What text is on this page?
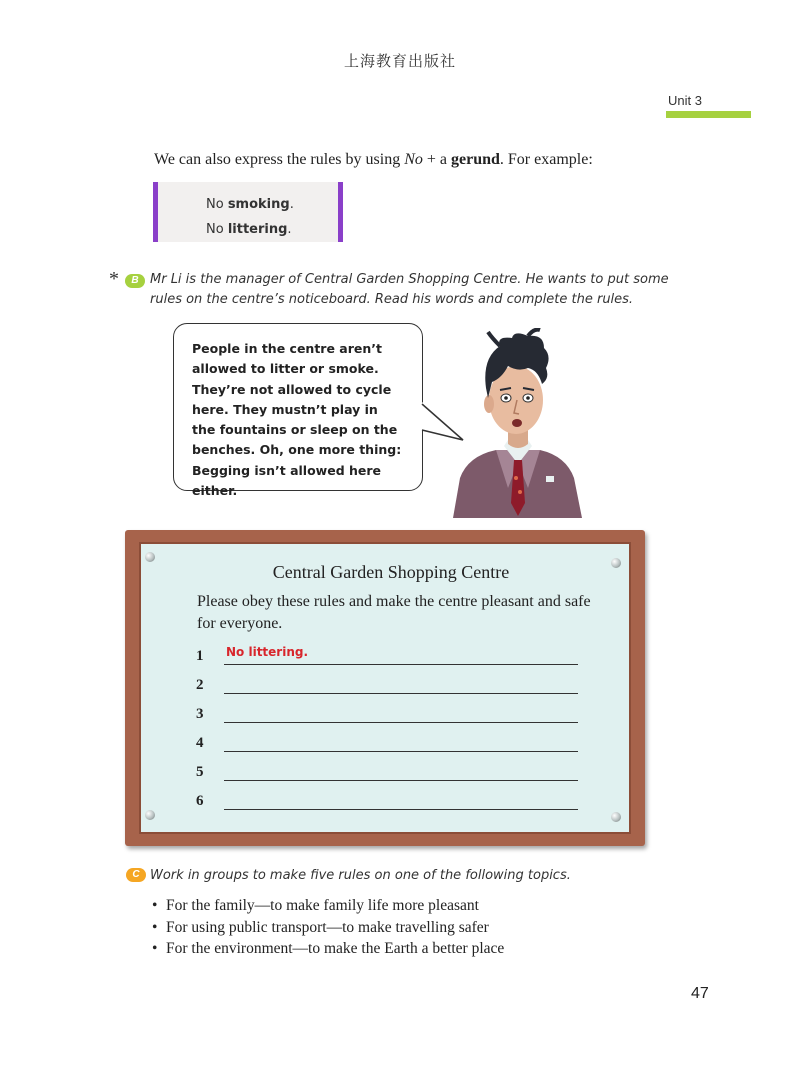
上海教育出版社
Unit 3

We can also express the rules by using No + a gerund. For example:

No smoking.
No littering.
*	B Mr Li is the manager of Central Garden Shopping Centre. He wants to put some rules on the centre’s noticeboard. Read his words and complete the rules.

People in the centre aren’t
allowed to litter or smoke.
They’re not allowed to cycle
here. They mustn’t play in
the fountains or sleep on the
benches. Oh, one more thing:
Begging isn’t allowed here either.
Central Garden Shopping Centre
Please obey these rules and make the centre pleasant and safe for everyone.
1 No littering.
2
3
4
5
6
C Work in groups to make five rules on one of the following topics.

• For the family—to make family life more pleasant
• For using public transport—to make travelling safer
• For the environment—to make the Earth a better place
47
